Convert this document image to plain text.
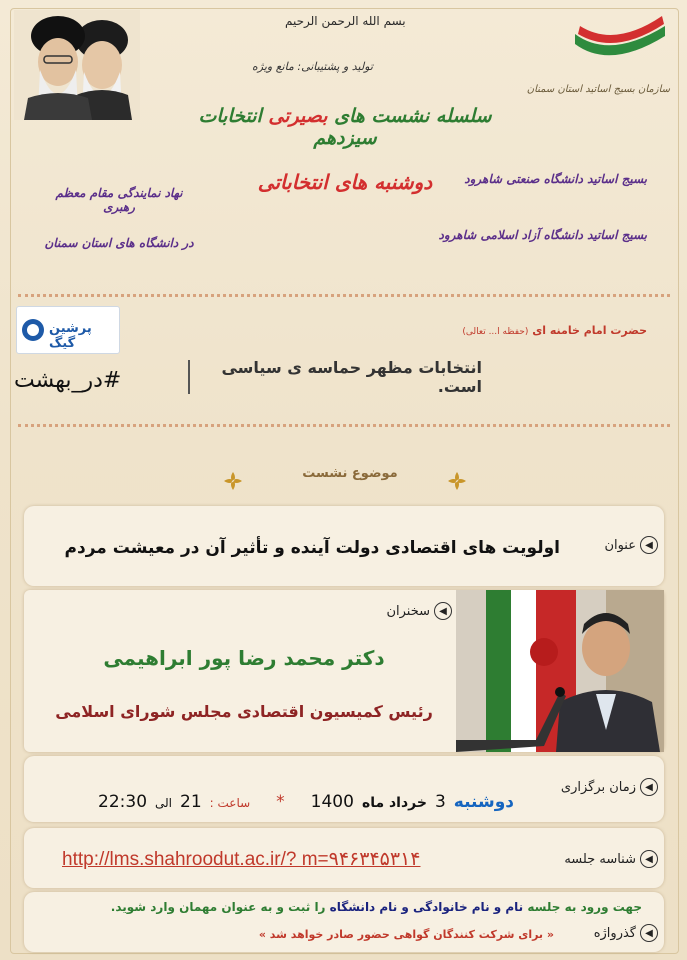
سازمان بسیج اساتید استان سمنان
بسم الله الرحمن الرحیم
تولید و پشتیبانی: مانع ویژه
سلسله نشست های بصیرتی انتخابات سیزدهم
دوشنبه های انتخاباتی	بسیج اساتید دانشگاه صنعتی شاهرود
بسیج اساتید دانشگاه آزاد اسلامی شاهرود
نهاد نمایندگی مقام معظم رهبری
در دانشگاه های استان سمنان
پرشین گیگ
حضرت امام خامنه ای (حفظه ا... تعالی)
انتخابات مظهر حماسه ی سیاسی است.
#در_بهشت
موضوع نشست
◀
عنوان
اولویت های اقتصادی دولت آینده و تأثیر آن در معیشت مردم
◀
سخنران
دکتر محمد رضا پور ابراهیمی
رئیس کمیسیون اقتصادی مجلس شورای اسلامی
◀
زمان برگزاری
دوشنبه
3
خرداد ماه
1400
*
ساعت :
21
الی
22:30
◀
شناسه جلسه
http://lms.shahroodut.ac.ir/? m=۹۴۶۳۴۵۳۱۴
◀
گذرواژه
جهت ورود به جلسه نام و نام خانوادگی و نام دانشگاه را ثبت و به عنوان مهمان وارد شوید.
« برای شرکت کنندگان گواهی حضور صادر خواهد شد »
